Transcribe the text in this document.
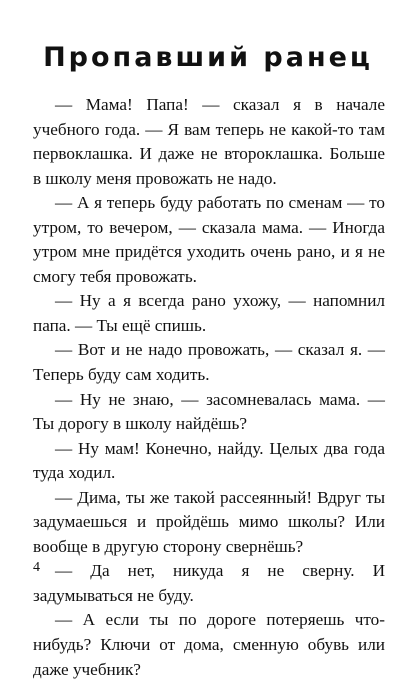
Пропавший ранец

— Мама! Папа! — сказал я в начале учебного года. — Я вам теперь не какой-то там первоклашка. И даже не второклашка. Больше в школу меня провожать не надо.

— А я теперь буду работать по сменам — то утром, то вечером, — сказала мама. — Иногда утром мне придётся уходить очень рано, и я не смогу тебя провожать.

— Ну а я всегда рано ухожу, — напомнил папа. — Ты ещё спишь.

— Вот и не надо провожать, — сказал я. — Теперь буду сам ходить.

— Ну не знаю, — засомневалась мама. — Ты дорогу в школу найдёшь?

— Ну мам! Конечно, найду. Целых два года туда ходил.

— Дима, ты же такой рассеянный! Вдруг ты задумаешься и пройдёшь мимо школы? Или вообще в другую сторону свернёшь?

— Да нет, никуда я не сверну. И задумываться не буду.

— А если ты по дороге потеряешь что-нибудь? Ключи от дома, сменную обувь или даже учебник?

4
